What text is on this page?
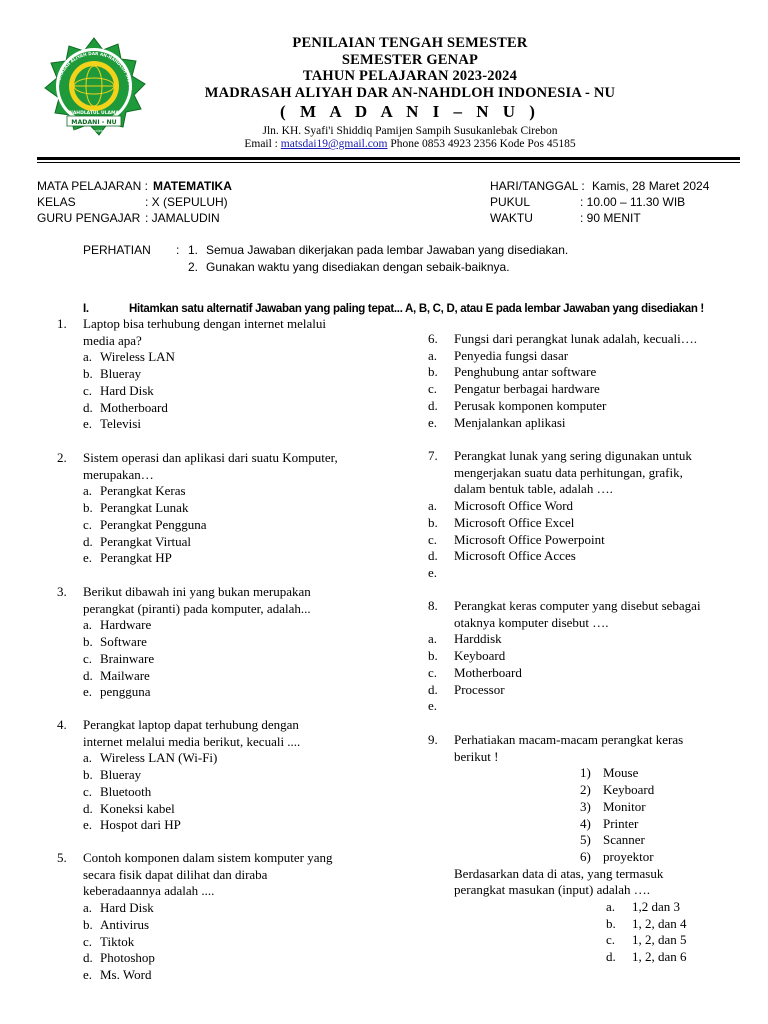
MADRASAH ALIYAH DAR AN-NAHDLOH INDON
NAHDLATUL ULAMA
MADANI - NU
Pamijen - Susukanlebak Cirebon
PENILAIAN TENGAH SEMESTER
SEMESTER GENAP
TAHUN PELAJARAN 2023-2024
MADRASAH ALIYAH DAR AN-NAHDLOH INDONESIA - NU
( M A D A N I – N U )
Jln. KH. Syafi'i Shiddiq Pamijen Sampih Susukanlebak Cirebon
Email : matsdai19@gmail.com Phone 0853 4923 2356 Kode Pos 45185
MATA PELAJARAN : MATEMATIKA
KELAS	: X (SEPULUH)
GURU PENGAJAR : JAMALUDIN
HARI/TANGGAL : Kamis, 28 Maret 2024
PUKUL	: 10.00 – 11.30 WIB
WAKTU	: 90 MENIT
PERHATIAN : 1. Semua Jawaban dikerjakan pada lembar Jawaban yang disediakan.
2. Gunakan waktu yang disediakan dengan sebaik-baiknya.
I.	Hitamkan satu alternatif Jawaban yang paling tepat... A, B, C, D, atau E pada lembar Jawaban yang disediakan !
1. Laptop bisa terhubung dengan internet melalui
media apa?
a. Wireless LAN
b. Blueray
c. Hard Disk
d. Motherboard
e. Televisi
2. Sistem operasi dan aplikasi dari suatu Komputer,
merupakan…
a. Perangkat Keras
b. Perangkat Lunak
c. Perangkat Pengguna
d. Perangkat Virtual
e. Perangkat HP
3. Berikut dibawah ini yang bukan merupakan
perangkat (piranti) pada komputer, adalah...
a. Hardware
b. Software
c. Brainware
d. Mailware
e. pengguna
4. Perangkat laptop dapat terhubung dengan
internet melalui media berikut, kecuali ....
a. Wireless LAN (Wi-Fi)
b. Blueray
c. Bluetooth
d. Koneksi kabel
e. Hospot dari HP
5. Contoh komponen dalam sistem komputer yang
secara fisik dapat dilihat dan diraba
keberadaannya adalah ....
a. Hard Disk
b. Antivirus
c. Tiktok
d. Photoshop
e. Ms. Word
6. Fungsi dari perangkat lunak adalah, kecuali….
a. Penyedia fungsi dasar
b. Penghubung antar software
c. Pengatur berbagai hardware
d. Perusak komponen komputer
e. Menjalankan aplikasi
7. Perangkat lunak yang sering digunakan untuk
mengerjakan suatu data perhitungan, grafik,
dalam bentuk table, adalah ….
a. Microsoft Office Word
b. Microsoft Office Excel
c. Microsoft Office Powerpoint
d. Microsoft Office Acces
e.
8. Perangkat keras computer yang disebut sebagai
otaknya komputer disebut ….
a. Harddisk
b. Keyboard
c. Motherboard
d. Processor
e.
9. Perhatiakan macam-macam perangkat keras
berikut !
1) Mouse
2) Keyboard
3) Monitor
4) Printer
5) Scanner
6) proyektor
Berdasarkan data di atas, yang termasuk
perangkat masukan (input) adalah ….
a. 1,2 dan 3
b. 1, 2, dan 4
c. 1, 2, dan 5
d. 1, 2, dan 6
